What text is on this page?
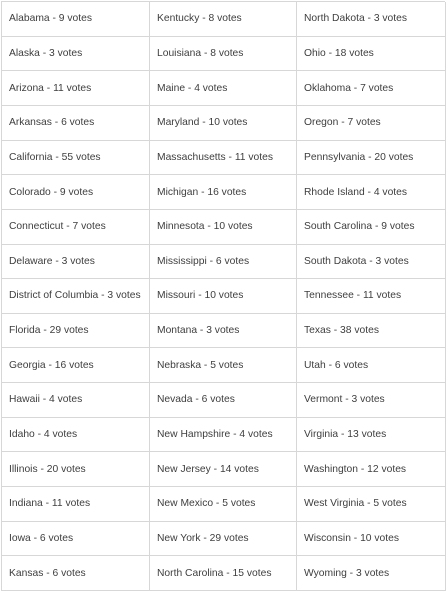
Alabama - 9 votes	Kentucky - 8 votes	North Dakota - 3 votes
Alaska - 3 votes	Louisiana - 8 votes	Ohio - 18 votes
Arizona - 11 votes	Maine - 4 votes	Oklahoma - 7 votes
Arkansas - 6 votes	Maryland - 10 votes	Oregon - 7 votes
California - 55 votes	Massachusetts - 11 votes	Pennsylvania - 20 votes
Colorado - 9 votes	Michigan - 16 votes	Rhode Island - 4 votes
Connecticut - 7 votes	Minnesota - 10 votes	South Carolina - 9 votes
Delaware - 3 votes	Mississippi - 6 votes	South Dakota - 3 votes
District of Columbia - 3 votes	Missouri - 10 votes	Tennessee - 11 votes
Florida - 29 votes	Montana - 3 votes	Texas - 38 votes
Georgia - 16 votes	Nebraska - 5 votes	Utah - 6 votes
Hawaii - 4 votes	Nevada - 6 votes	Vermont - 3 votes
Idaho - 4 votes	New Hampshire - 4 votes	Virginia - 13 votes
Illinois - 20 votes	New Jersey - 14 votes	Washington - 12 votes
Indiana - 11 votes	New Mexico - 5 votes	West Virginia - 5 votes
Iowa - 6 votes	New York - 29 votes	Wisconsin - 10 votes
Kansas - 6 votes	North Carolina - 15 votes	Wyoming - 3 votes
